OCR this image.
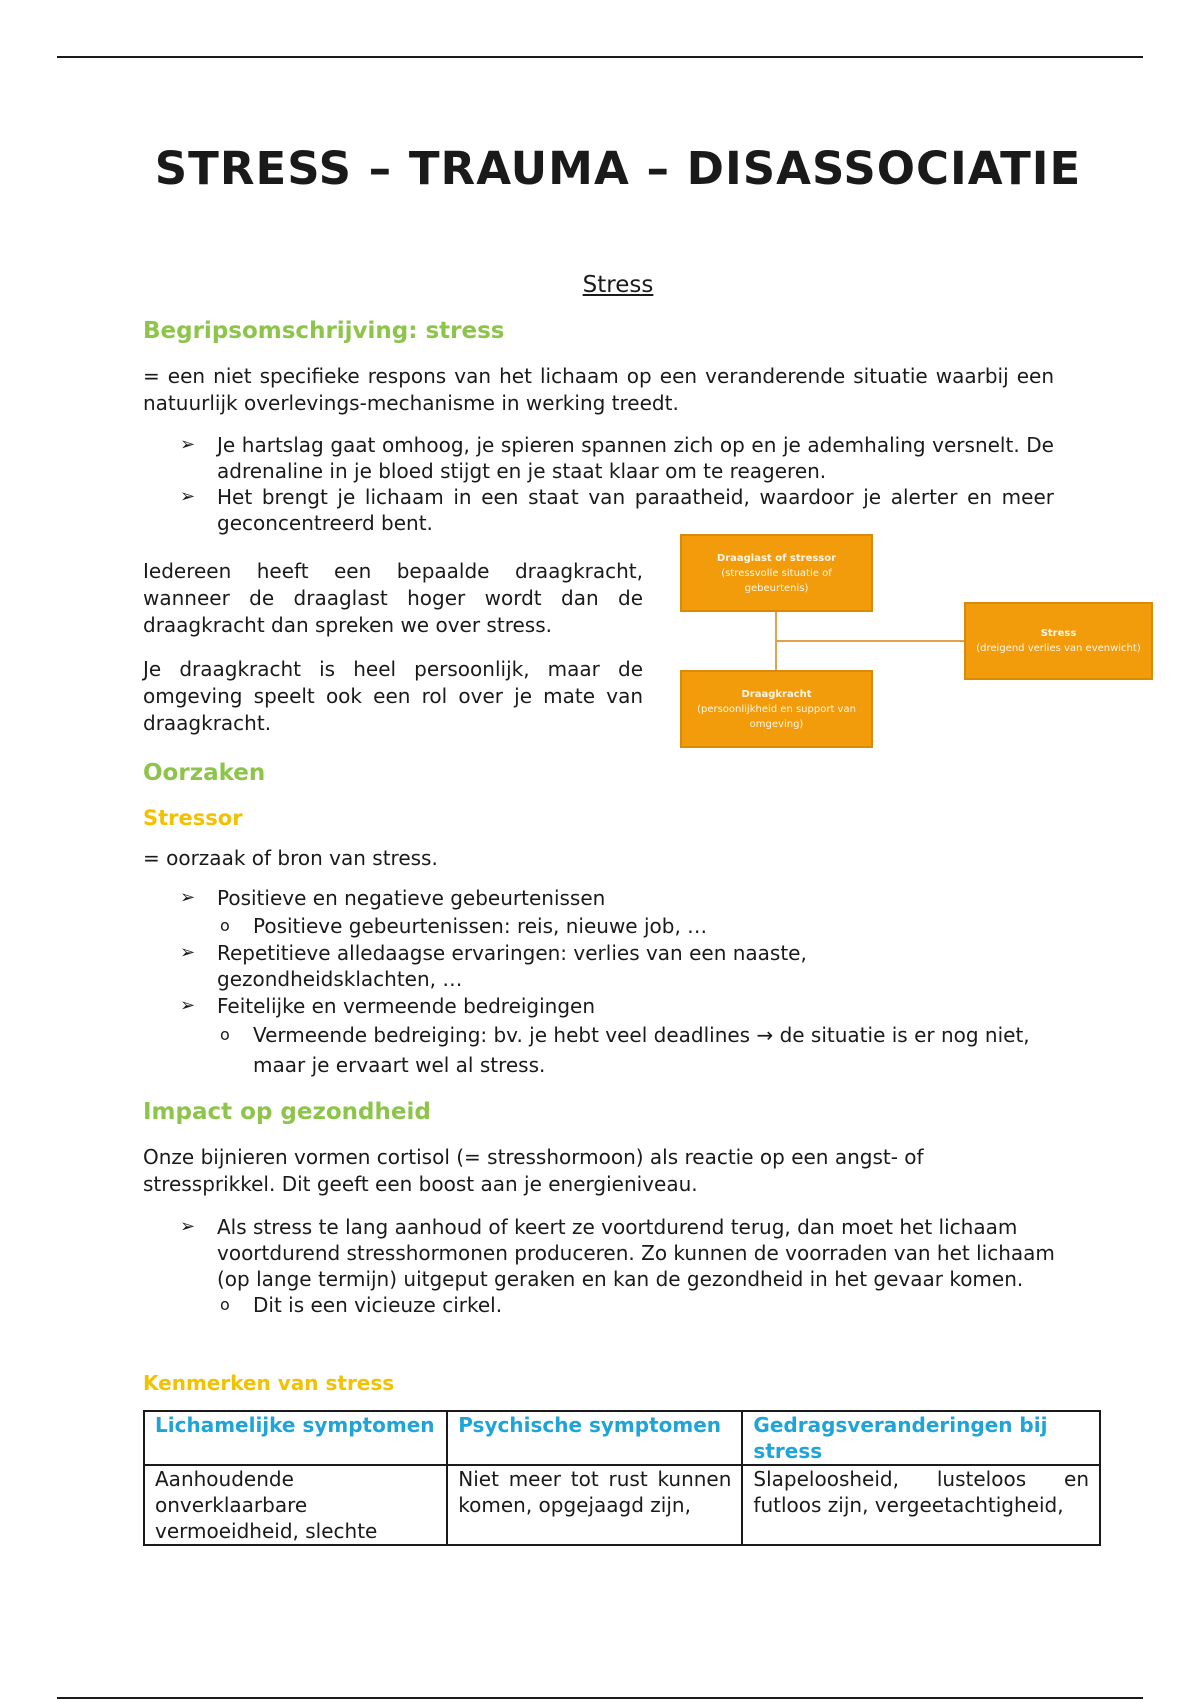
STRESS – TRAUMA – DISASSOCIATIE
Stress
Begripsomschrijving: stress

= een niet specifieke respons van het lichaam op een veranderende situatie waarbij een natuurlijk overlevings-mechanisme in werking treedt.

➢ Je hartslag gaat omhoog, je spieren spannen zich op en je ademhaling versnelt. De adrenaline in je bloed stijgt en je staat klaar om te reageren.
➢ Het brengt je lichaam in een staat van paraatheid, waardoor je alerter en meer geconcentreerd bent.

Iedereen heeft een bepaalde draagkracht, wanneer de draaglast hoger wordt dan de draagkracht dan spreken we over stress.

Je draagkracht is heel persoonlijk, maar de omgeving speelt ook een rol over je mate van draagkracht.

Draaglast of stressor
(stressvolle situatie of gebeurtenis)
Draagkracht
(persoonlijkheid en support van omgeving)
Stress
(dreigend verlies van evenwicht)
Oorzaken
Stressor

= oorzaak of bron van stress.

➢ Positieve en negatieve gebeurtenissen
o Positieve gebeurtenissen: reis, nieuwe job, …
➢ Repetitieve alledaagse ervaringen: verlies van een naaste, gezondheidsklachten, …
➢ Feitelijke en vermeende bedreigingen
o Vermeende bedreiging: bv. je hebt veel deadlines → de situatie is er nog niet, maar je ervaart wel al stress.
Impact op gezondheid

Onze bijnieren vormen cortisol (= stresshormoon) als reactie op een angst- of stressprikkel. Dit geeft een boost aan je energieniveau.

➢ Als stress te lang aanhoud of keert ze voortdurend terug, dan moet het lichaam voortdurend stresshormonen produceren. Zo kunnen de voorraden van het lichaam (op lange termijn) uitgeput geraken en kan de gezondheid in het gevaar komen.
o Dit is een vicieuze cirkel.
Kenmerken van stress
Lichamelijke symptomen	Psychische symptomen	Gedragsveranderingen bij stress
Aanhoudende onverklaarbare vermoeidheid, slechte	Niet meer tot rust kunnen komen, opgejaagd zijn,	Slapeloosheid, lusteloos en futloos zijn, vergeetachtigheid,
